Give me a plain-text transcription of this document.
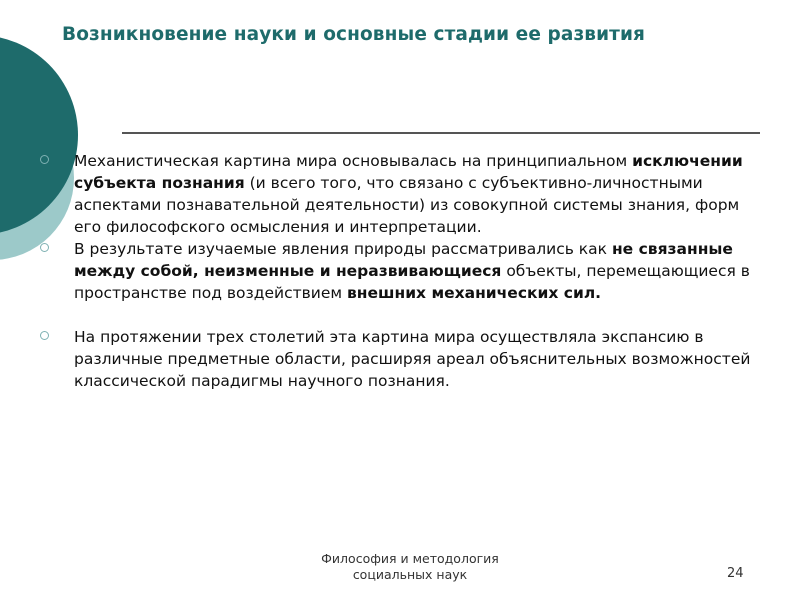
Возникновение науки и основные стадии ее развития
Механистическая картина мира основывалась на принципиальном исключении субъекта познания (и всего того, что связано с субъективно-личностными аспектами познавательной деятельности) из совокупной системы знания, форм его философского осмысления и интерпретации.
В результате изучаемые явления природы рассматривались как не связанные между собой, неизменные и неразвивающиеся объекты, перемещающиеся в пространстве под воздействием внешних механических сил.
На протяжении трех столетий эта картина мира осуществляла экспансию в различные предметные области, расширяя ареал объяснительных возможностей классической парадигмы научного познания.
Философия и методология
социальных наук	24
